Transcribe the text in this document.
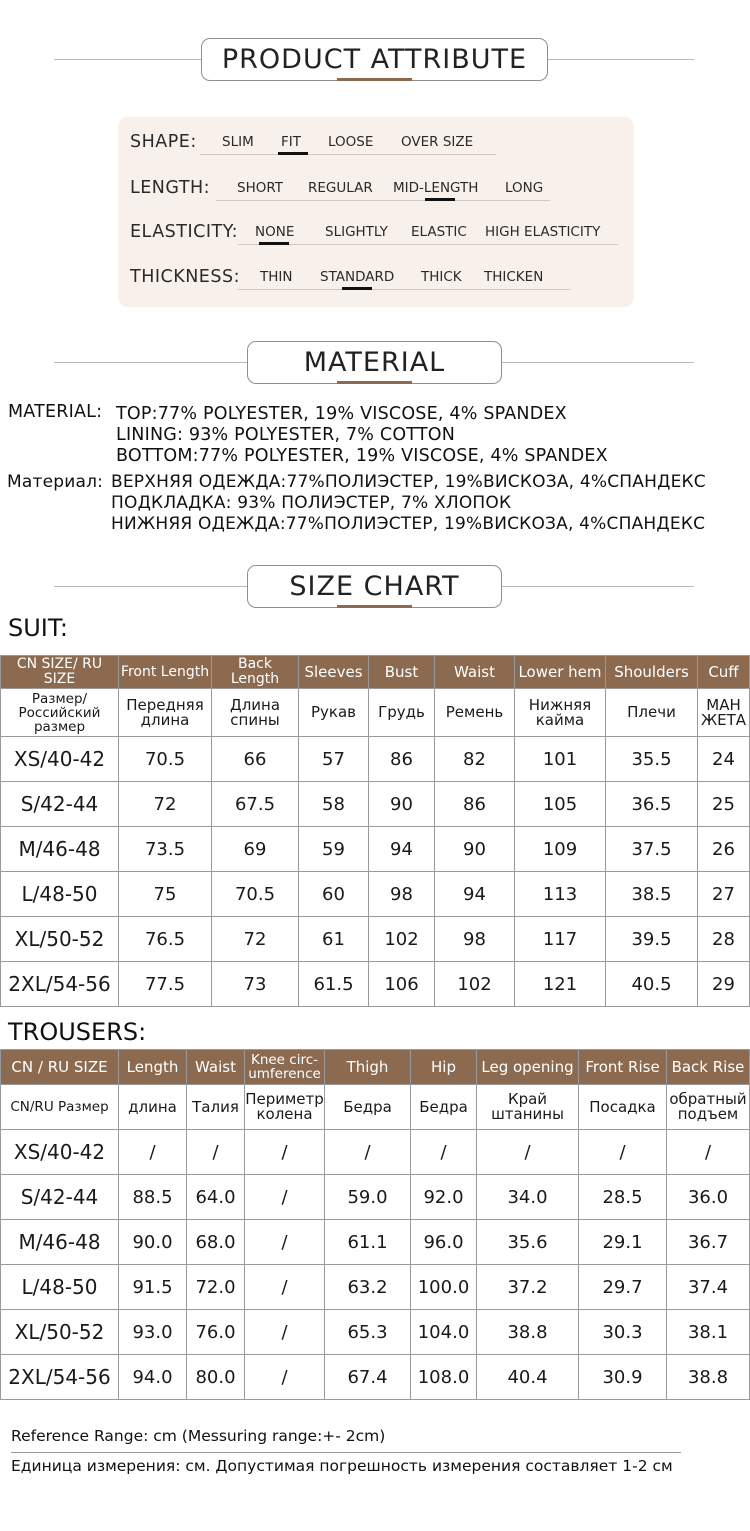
PRODUCT ATTRIBUTE
SHAPE: SLIM FIT LOOSE OVER SIZE
LENGTH: SHORT REGULAR MID-LENGTH LONG
ELASTICITY: NONE SLIGHTLY ELASTIC HIGH ELASTICITY
THICKNESS: THIN STANDARD THICK THICKEN
MATERIAL
MATERIAL: TOP:77% POLYESTER, 19% VISCOSE, 4% SPANDEX
LINING: 93% POLYESTER, 7% COTTON
BOTTOM:77% POLYESTER, 19% VISCOSE, 4% SPANDEX
Материал: ВЕРХНЯЯ ОДЕЖДА:77%ПОЛИЭСТЕР, 19%ВИСКОЗА, 4%СПАНДЕКС
ПОДКЛАДКА: 93% ПОЛИЭСТЕР, 7% ХЛОПОК
НИЖНЯЯ ОДЕЖДА:77%ПОЛИЭСТЕР, 19%ВИСКОЗА, 4%СПАНДЕКС
SIZE CHART
SUIT:
CN SIZE/ RU SIZE	Front Length	Back Length	Sleeves	Bust	Waist	Lower hem	Shoulders	Cuff
Размер/ Российский размер	Передняя длина	Длина спины	Рукав	Грудь	Ремень	Нижняя кайма	Плечи	МАН ЖЕТА
XS/40-42	70.5	66	57	86	82	101	35.5	24
S/42-44	72	67.5	58	90	86	105	36.5	25
M/46-48	73.5	69	59	94	90	109	37.5	26
L/48-50	75	70.5	60	98	94	113	38.5	27
XL/50-52	76.5	72	61	102	98	117	39.5	28
2XL/54-56	77.5	73	61.5	106	102	121	40.5	29
TROUSERS:
CN / RU SIZE	Length	Waist	Knee circ- umference	Thigh	Hip	Leg opening	Front Rise	Back Rise
CN/RU Размер	длина	Талия	Периметр колена	Бедра	Бедра	Край штанины	Посадка	обратный подъем
XS/40-42	/	/	/	/	/	/	/	/
S/42-44	88.5	64.0	/	59.0	92.0	34.0	28.5	36.0
M/46-48	90.0	68.0	/	61.1	96.0	35.6	29.1	36.7
L/48-50	91.5	72.0	/	63.2	100.0	37.2	29.7	37.4
XL/50-52	93.0	76.0	/	65.3	104.0	38.8	30.3	38.1
2XL/54-56	94.0	80.0	/	67.4	108.0	40.4	30.9	38.8
Reference Range: cm (Messuring range:+- 2cm)
Единица измерения: см. Допустимая погрешность измерения составляет 1-2 см
